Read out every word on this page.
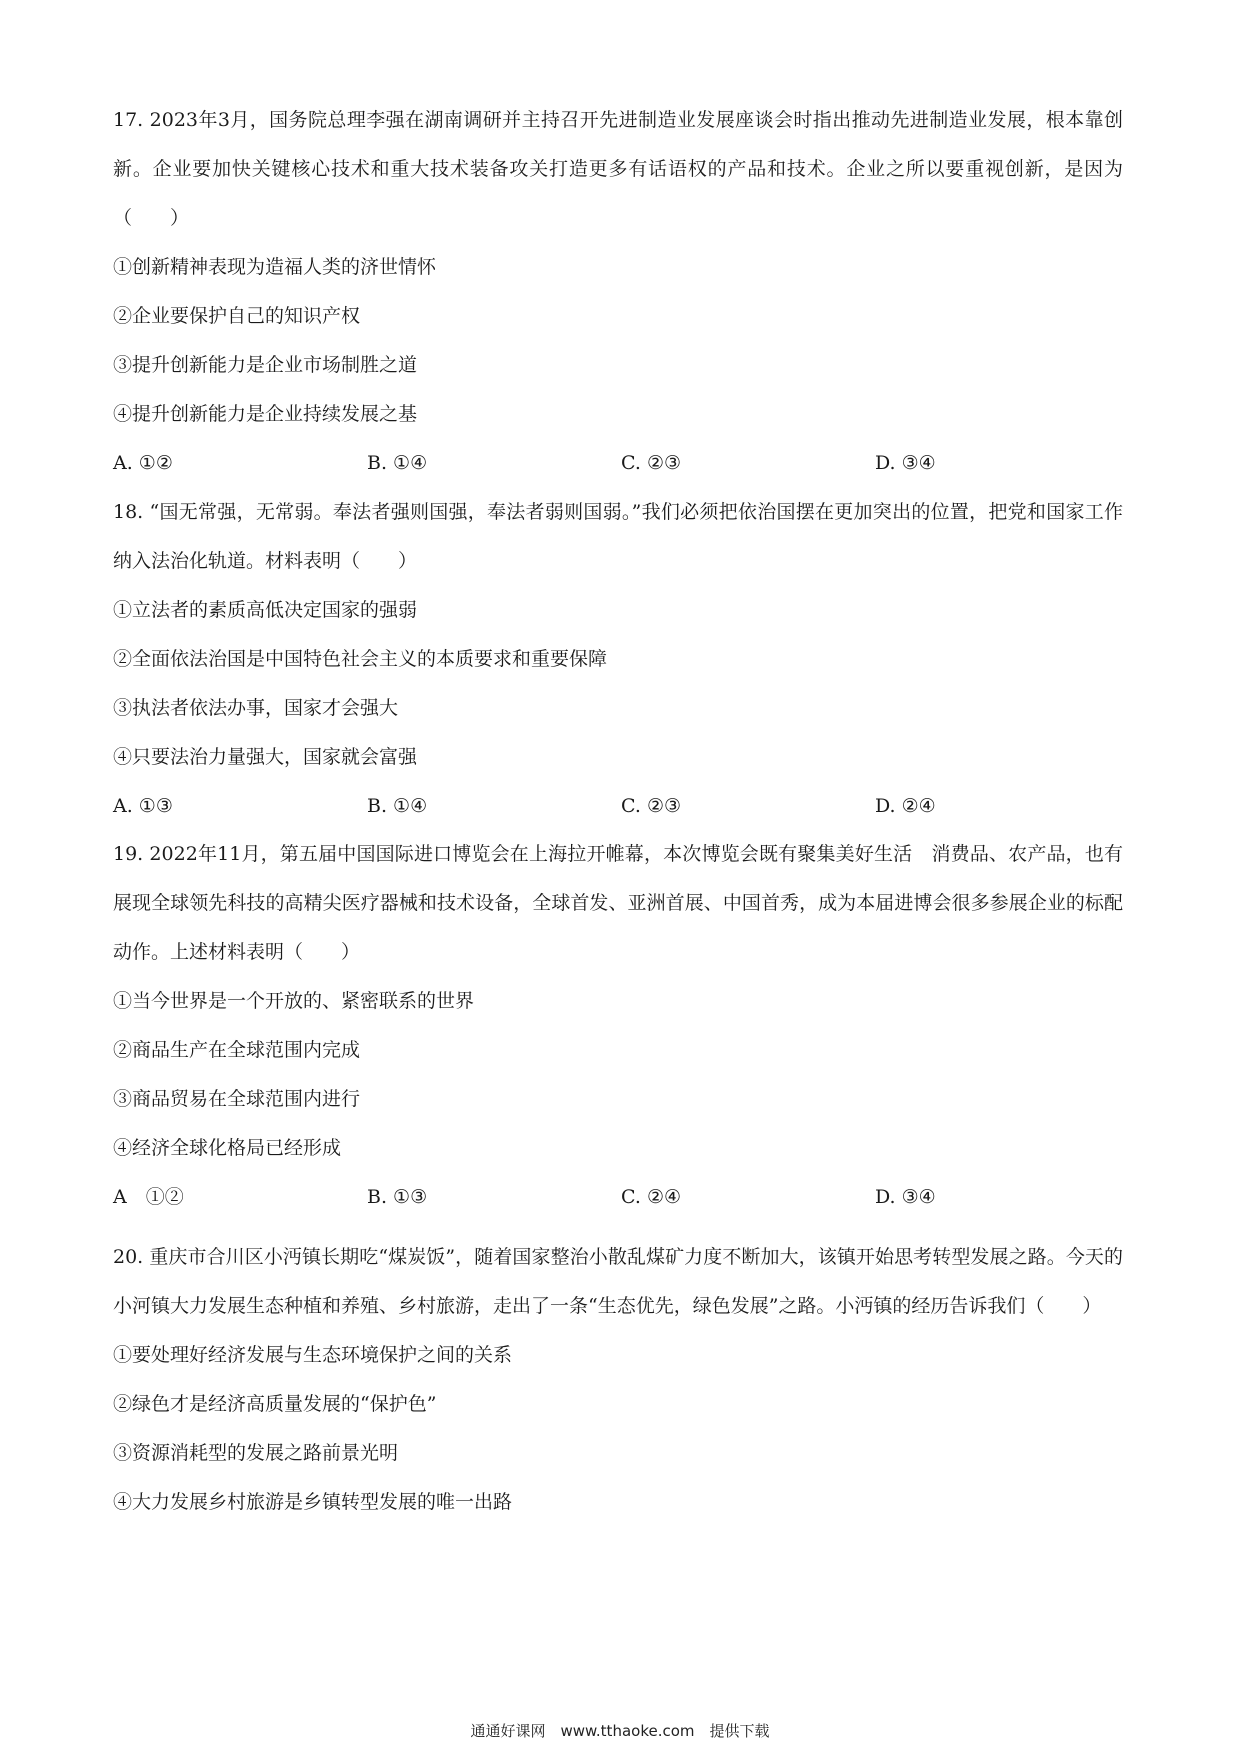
17. 2023年3月，国务院总理李强在湖南调研并主持召开先进制造业发展座谈会时指出推动先进制造业发展，根本靠创新。企业要加快关键核心技术和重大技术装备攻关打造更多有话语权的产品和技术。企业之所以要重视创新，是因为（　　）

①创新精神表现为造福人类的济世情怀

②企业要保护自己的知识产权

③提升创新能力是企业市场制胜之道

④提升创新能力是企业持续发展之基

A. ①②	B. ①④	C. ②③	D. ③④

18. “国无常强，无常弱。奉法者强则国强，奉法者弱则国弱。”我们必须把依治国摆在更加突出的位置，把党和国家工作纳入法治化轨道。材料表明（　　）

①立法者的素质高低决定国家的强弱

②全面依法治国是中国特色社会主义的本质要求和重要保障

③执法者依法办事，国家才会强大

④只要法治力量强大，国家就会富强

A. ①③	B. ①④	C. ②③	D. ②④

19. 2022年11月，第五届中国国际进口博览会在上海拉开帷幕，本次博览会既有聚集美好生活　消费品、农产品，也有展现全球领先科技的高精尖医疗器械和技术设备，全球首发、亚洲首展、中国首秀，成为本届进博会很多参展企业的标配动作。上述材料表明（　　）

①当今世界是一个开放的、紧密联系的世界

②商品生产在全球范围内完成

③商品贸易在全球范围内进行

④经济全球化格局已经形成

A　①②	B. ①③	C. ②④	D. ③④

20. 重庆市合川区小沔镇长期吃“煤炭饭”，随着国家整治小散乱煤矿力度不断加大，该镇开始思考转型发展之路。今天的小河镇大力发展生态种植和养殖、乡村旅游，走出了一条“生态优先，绿色发展”之路。小沔镇的经历告诉我们（　　）

①要处理好经济发展与生态环境保护之间的关系

②绿色才是经济高质量发展的“保护色”

③资源消耗型的发展之路前景光明

④大力发展乡村旅游是乡镇转型发展的唯一出路

通通好课网　www.tthaoke.com　提供下载
